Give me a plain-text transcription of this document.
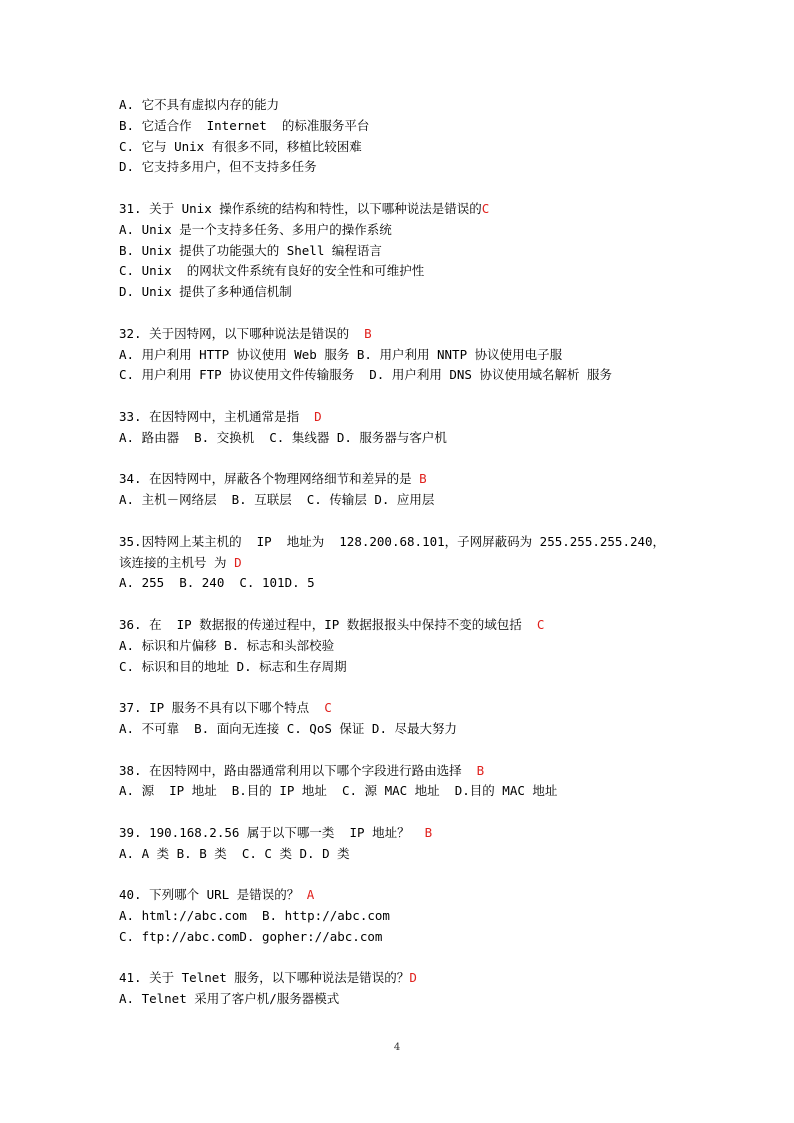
A. 它不具有虚拟内存的能力
B. 它适合作  Internet  的标准服务平台
C. 它与 Unix 有很多不同，移植比较困难
D. 它支持多用户，但不支持多任务
31. 关于 Unix 操作系统的结构和特性，以下哪种说法是错误的C
A. Unix 是一个支持多任务、多用户的操作系统
B. Unix 提供了功能强大的 Shell 编程语言
C. Unix  的网状文件系统有良好的安全性和可维护性
D. Unix 提供了多种通信机制
32. 关于因特网，以下哪种说法是错误的  B
A. 用户利用 HTTP 协议使用 Web 服务 B. 用户利用 NNTP 协议使用电子服
C. 用户利用 FTP 协议使用文件传输服务  D. 用户利用 DNS 协议使用域名解析 服务
33. 在因特网中，主机通常是指  D
A. 路由器  B. 交换机  C. 集线器 D. 服务器与客户机
34. 在因特网中，屏蔽各个物理网络细节和差异的是 B
A. 主机－网络层  B. 互联层  C. 传输层 D. 应用层
35.因特网上某主机的  IP  地址为  128.200.68.101，子网屏蔽码为 255.255.255.240，
该连接的主机号 为 D
A. 255  B. 240  C. 101D. 5
36. 在  IP 数据报的传递过程中，IP 数据报报头中保持不变的域包括  C
A. 标识和片偏移 B. 标志和头部校验
C. 标识和目的地址 D. 标志和生存周期
37. IP 服务不具有以下哪个特点  C
A. 不可靠  B. 面向无连接 C. QoS 保证 D. 尽最大努力
38. 在因特网中，路由器通常利用以下哪个字段进行路由选择  B
A. 源  IP 地址  B.目的 IP 地址  C. 源 MAC 地址  D.目的 MAC 地址
39. 190.168.2.56 属于以下哪一类  IP 地址？  B
A. A 类 B. B 类  C. C 类 D. D 类
40. 下列哪个 URL 是错误的？ A
A. html://abc.com  B. http://abc.com
C. ftp://abc.comD. gopher://abc.com
41. 关于 Telnet 服务，以下哪种说法是错误的？D
A. Telnet 采用了客户机/服务器模式
4
